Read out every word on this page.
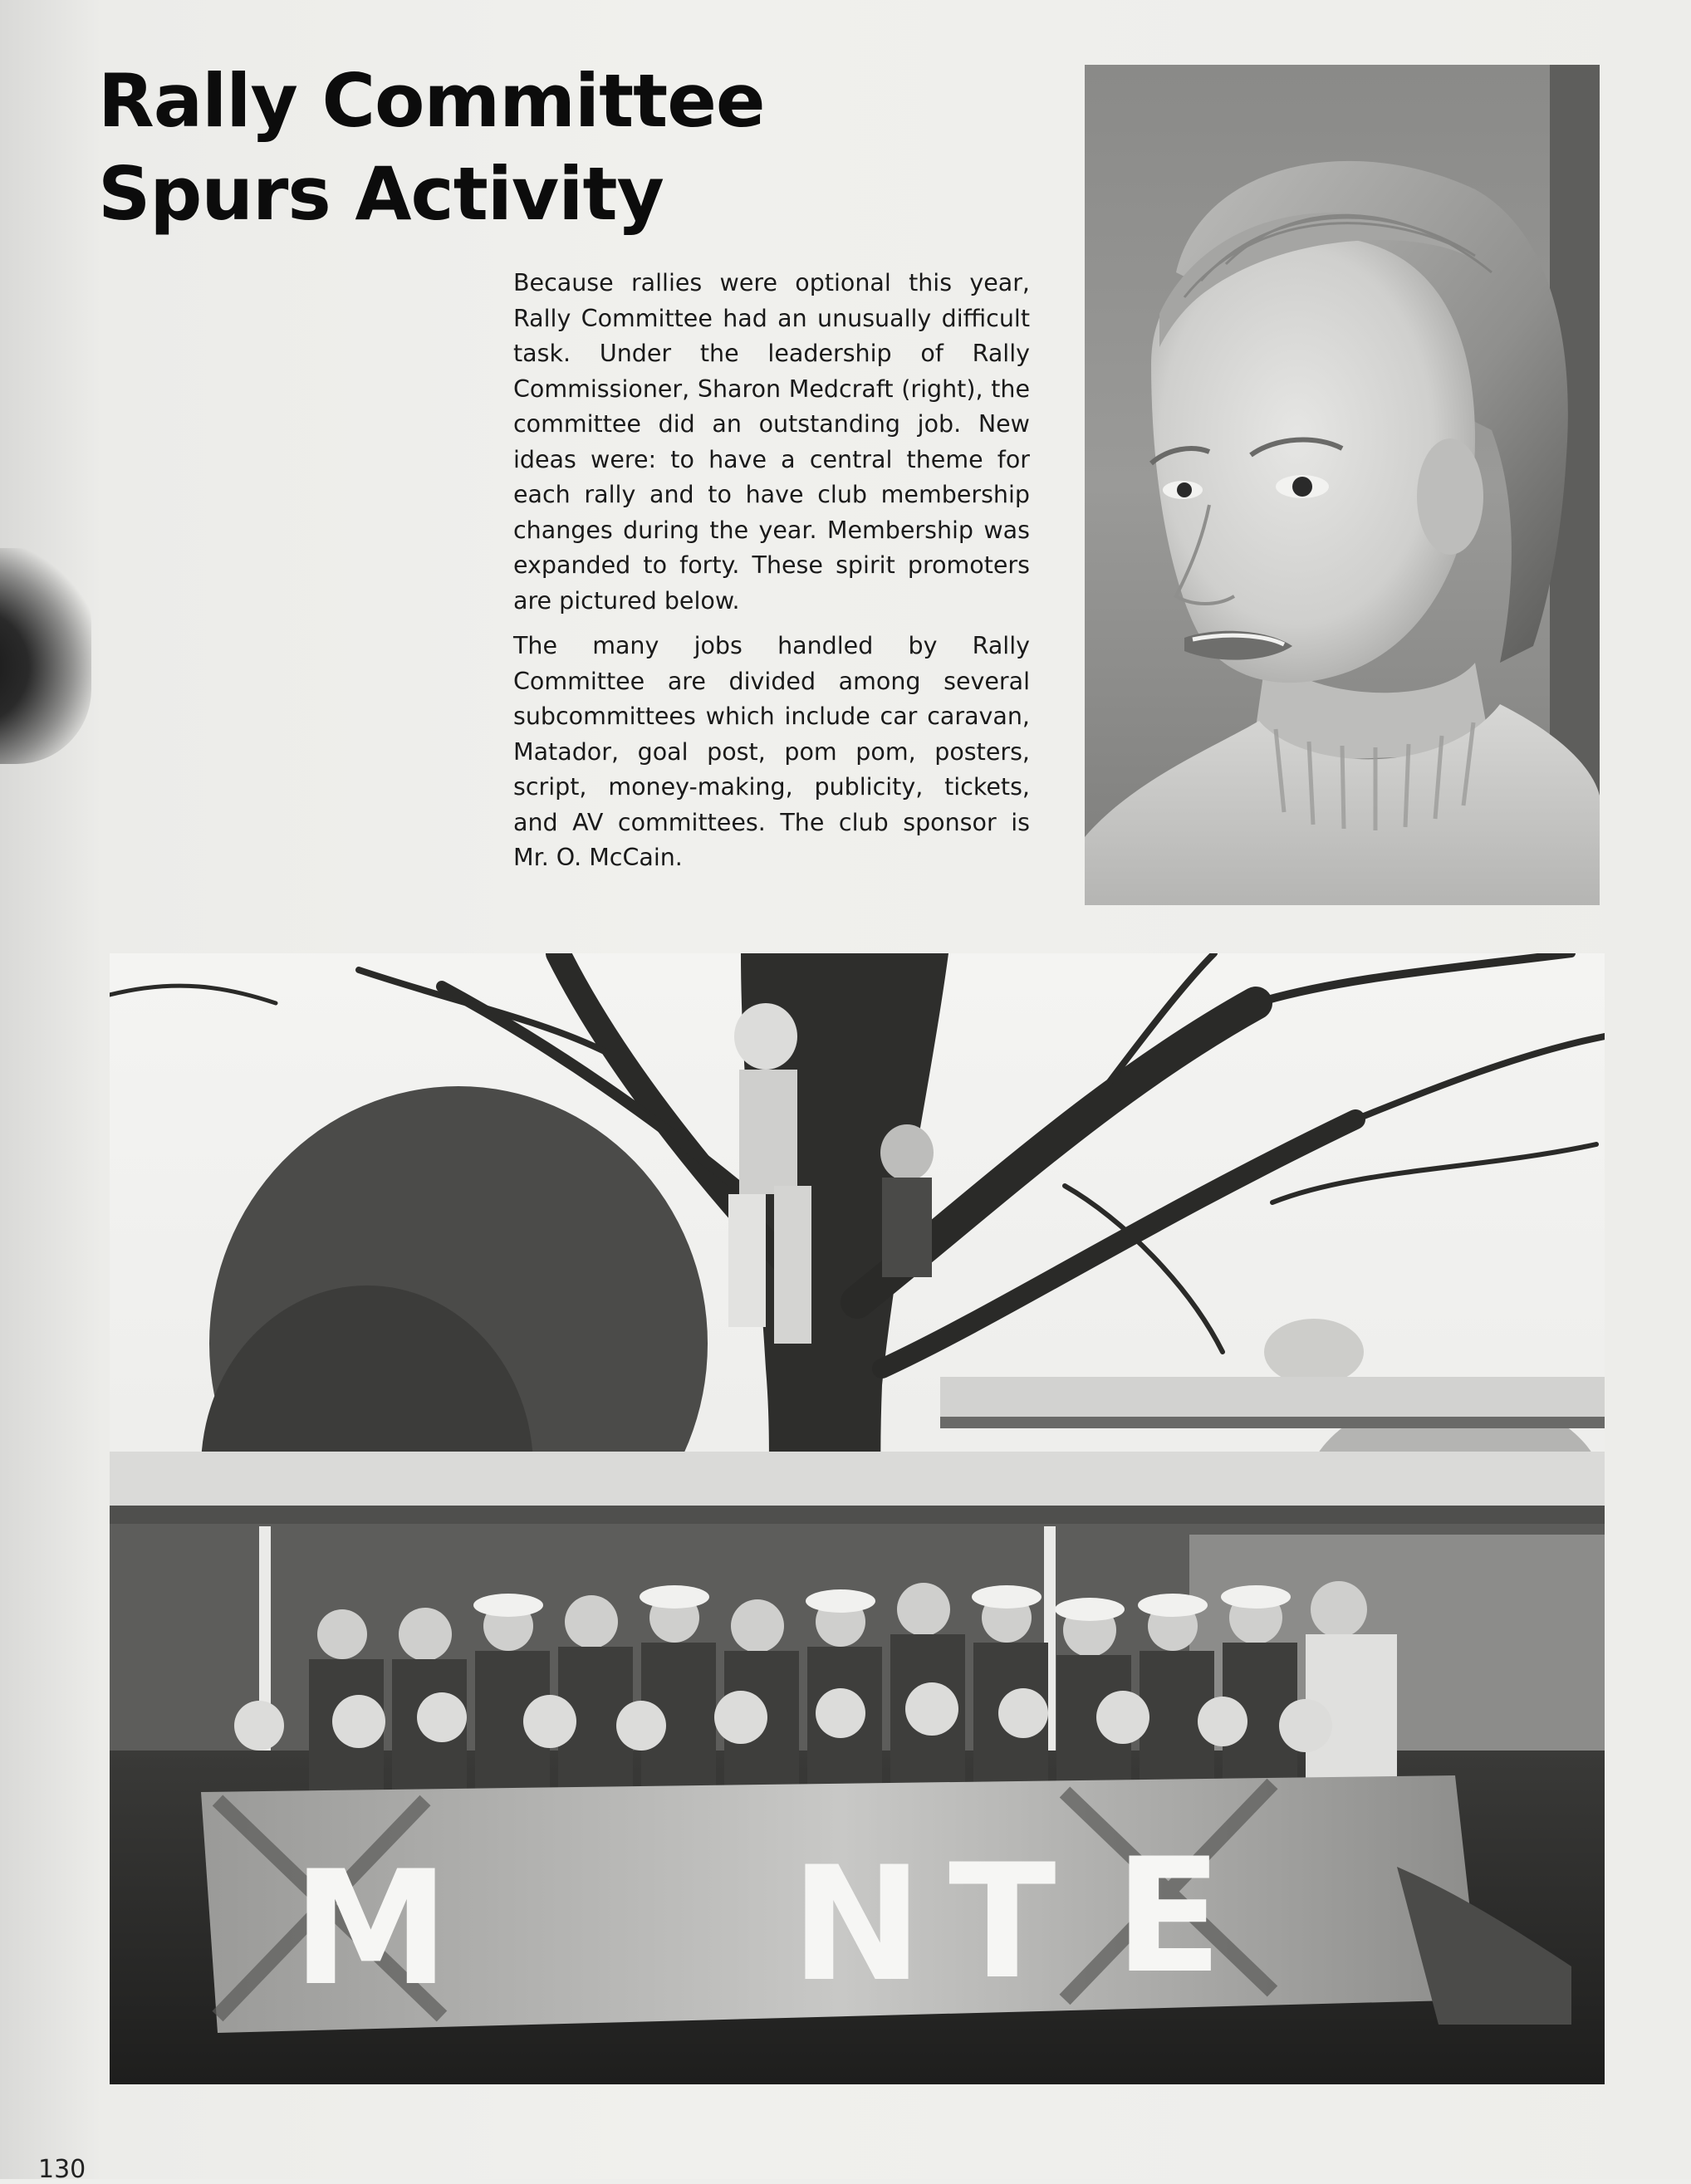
Rally Committee
Spurs Activity

Because rallies were optional this year, Rally Committee had an unusually difficult task. Under the leadership of Rally Commissioner, Sharon Medcraft (right), the committee did an outstanding job. New ideas were: to have a central theme for each rally and to have club membership changes during the year. Membership was expanded to forty. These spirit promoters are pictured below.

The many jobs handled by Rally Committee are divided among several subcommittees which include car caravan, Matador, goal post, pom pom, posters, script, money-making, publicity, tickets, and AV committees. The club sponsor is Mr. O. McCain.

M N T E
130
